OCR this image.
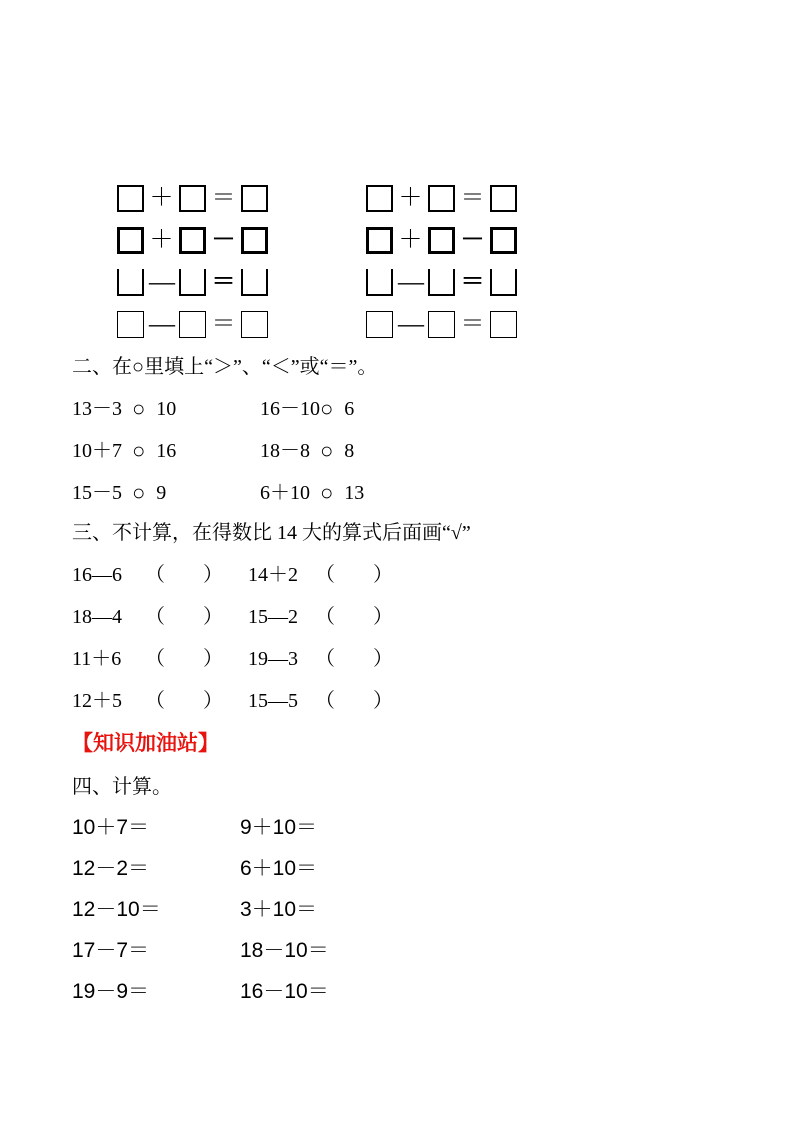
＋ ＝	＋ ＝
＋ －	＋ －
— ＝	— ＝
— ＝	— ＝
二、在○里填上“＞”、“＜”或“＝”。
13－3 ○ 10	16－10 ○ 6
10＋7 ○ 16	18－8 ○ 8
15－5 ○ 9	6＋10 ○ 13
三、不计算，在得数比 14 大的算式后面画“√”
16—6	（ ） 14＋2 （ ）
18—4	（ ） 15—2 （ ）
11＋6	（ ） 19—3 （ ）
12＋5	（ ） 15—5 （ ）
【知识加油站】
四、计算。
10＋7＝	9＋10＝
12－2＝	6＋10＝
12－10＝	3＋10＝
17－7＝	18－10＝
19－9＝	16－10＝
